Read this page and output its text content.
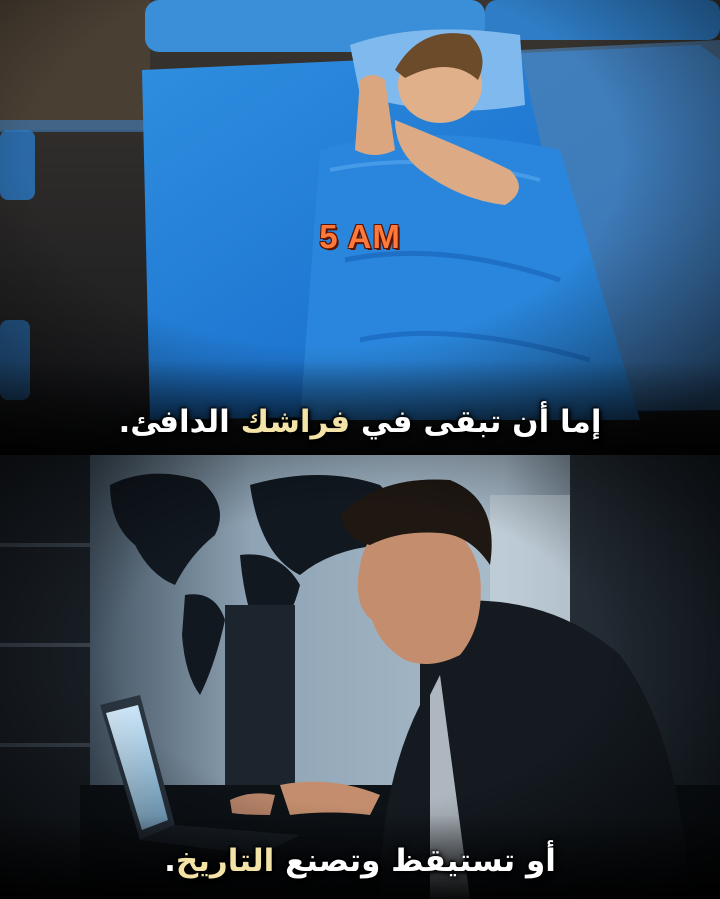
5 AM

إما أن تبقى في فراشك الدافئ.

أو تستيقظ وتصنع التاريخ.
